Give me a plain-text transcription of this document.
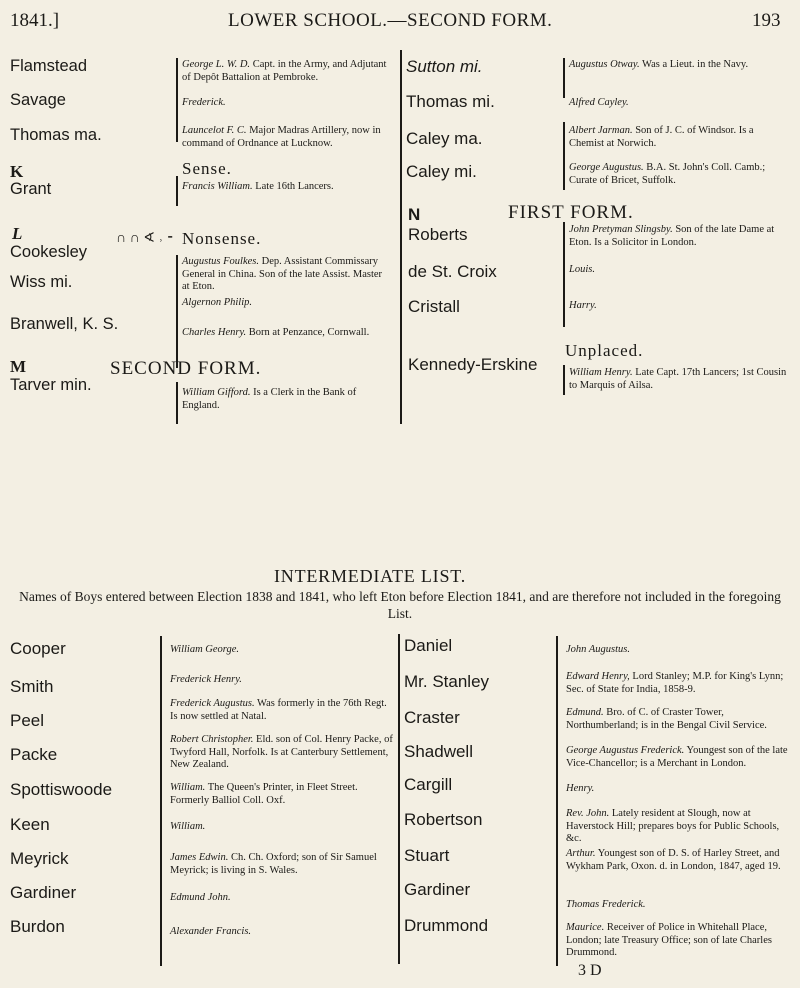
1841.]	LOWER SCHOOL.—SECOND FORM.	193
Flamstead
Savage
Thomas ma.
K
Grant
L
Cookesley
∩ ∩ ∢ ˒ ⁃
Wiss mi.
Branwell, K. S.
M
Tarver min.
George L. W. D. Capt. in the Army, and Adjutant of Depôt Battalion at Pembroke.
Frederick.
Launcelot F. C. Major Madras Artillery, now in command of Ordnance at Lucknow.
Sense.
Francis William. Late 16th Lancers.
Nonsense.
Augustus Foulkes. Dep. Assistant Commissary General in China. Son of the late Assist. Master at Eton.
Algernon Philip.
Charles Henry. Born at Penzance, Cornwall.
SECOND FORM.
William Gifford. Is a Clerk in the Bank of England.
Sutton mi.
Thomas mi.
Caley ma.
Caley mi.
N
Roberts
de St. Croix
Cristall
Kennedy-Erskine
Augustus Otway. Was a Lieut. in the Navy.
Alfred Cayley.
Albert Jarman. Son of J. C. of Windsor. Is a Chemist at Norwich.
George Augustus. B.A. St. John's Coll. Camb.; Curate of Bricet, Suffolk.
FIRST FORM.
John Pretyman Slingsby. Son of the late Dame at Eton. Is a Solicitor in London.
Louis.
Harry.
Unplaced.
William Henry. Late Capt. 17th Lancers; 1st Cousin to Marquis of Ailsa.
INTERMEDIATE LIST.
Names of Boys entered between Election 1838 and 1841, who left Eton before Election 1841, and are therefore not included in the foregoing List.
Cooper
Smith
Peel
Packe
Spottiswoode
Keen
Meyrick
Gardiner
Burdon
William George.
Frederick Henry.
Frederick Augustus. Was formerly in the 76th Regt. Is now settled at Natal.
Robert Christopher. Eld. son of Col. Henry Packe, of Twyford Hall, Norfolk. Is at Canterbury Settlement, New Zealand.
William. The Queen's Printer, in Fleet Street. Formerly Balliol Coll. Oxf.
William.
James Edwin. Ch. Ch. Oxford; son of Sir Samuel Meyrick; is living in S. Wales.
Edmund John.
Alexander Francis.
Daniel
Mr. Stanley
Craster
Shadwell
Cargill
Robertson
Stuart
Gardiner
Drummond
John Augustus.
Edward Henry, Lord Stanley; M.P. for King's Lynn; Sec. of State for India, 1858-9.
Edmund. Bro. of C. of Craster Tower, Northumberland; is in the Bengal Civil Service.
George Augustus Frederick. Youngest son of the late Vice-Chancellor; is a Merchant in London.
Henry.
Rev. John. Lately resident at Slough, now at Haverstock Hill; prepares boys for Public Schools, &c.
Arthur. Youngest son of D. S. of Harley Street, and Wykham Park, Oxon. d. in London, 1847, aged 19.
Thomas Frederick.
Maurice. Receiver of Police in Whitehall Place, London; late Treasury Office; son of late Charles Drummond.
3 D
